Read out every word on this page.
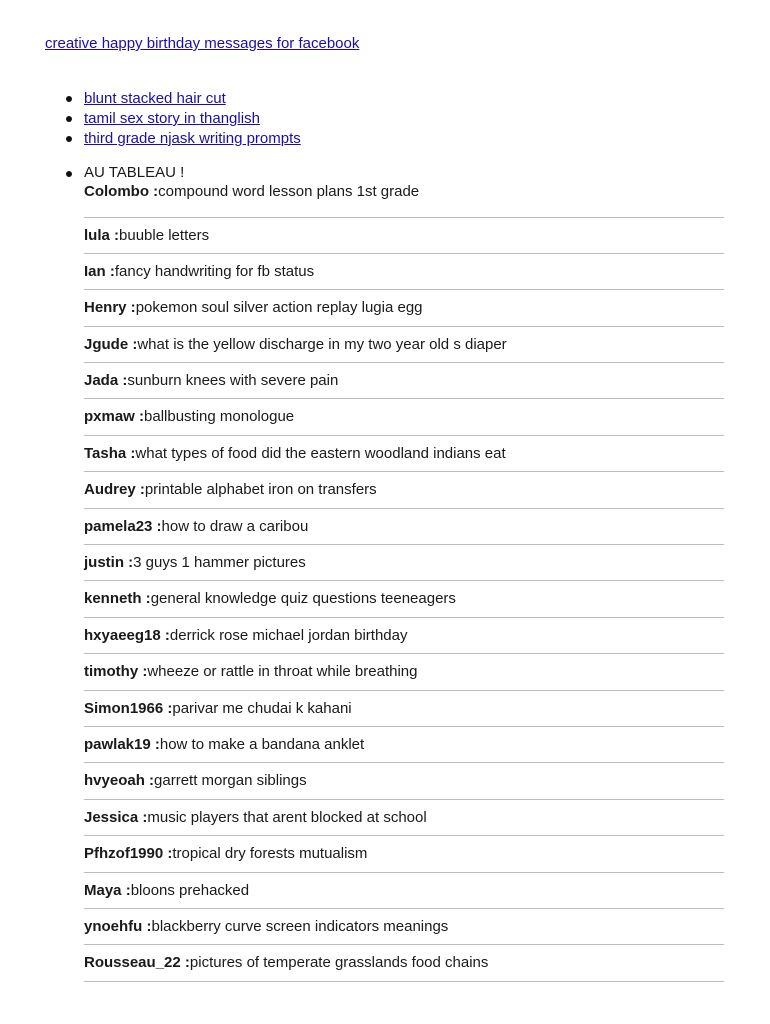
creative happy birthday messages for facebook
blunt stacked hair cut
tamil sex story in thanglish
third grade njask writing prompts
AU TABLEAU !
Colombo :compound word lesson plans 1st grade
lula :buuble letters
Ian :fancy handwriting for fb status
Henry :pokemon soul silver action replay lugia egg
Jgude :what is the yellow discharge in my two year old s diaper
Jada :sunburn knees with severe pain
pxmaw :ballbusting monologue
Tasha :what types of food did the eastern woodland indians eat
Audrey :printable alphabet iron on transfers
pamela23 :how to draw a caribou
justin :3 guys 1 hammer pictures
kenneth :general knowledge quiz questions teeneagers
hxyaeeg18 :derrick rose michael jordan birthday
timothy :wheeze or rattle in throat while breathing
Simon1966 :parivar me chudai k kahani
pawlak19 :how to make a bandana anklet
hvyeoah :garrett morgan siblings
Jessica :music players that arent blocked at school
Pfhzof1990 :tropical dry forests mutualism
Maya :bloons prehacked
ynoehfu :blackberry curve screen indicators meanings
Rousseau_22 :pictures of temperate grasslands food chains
